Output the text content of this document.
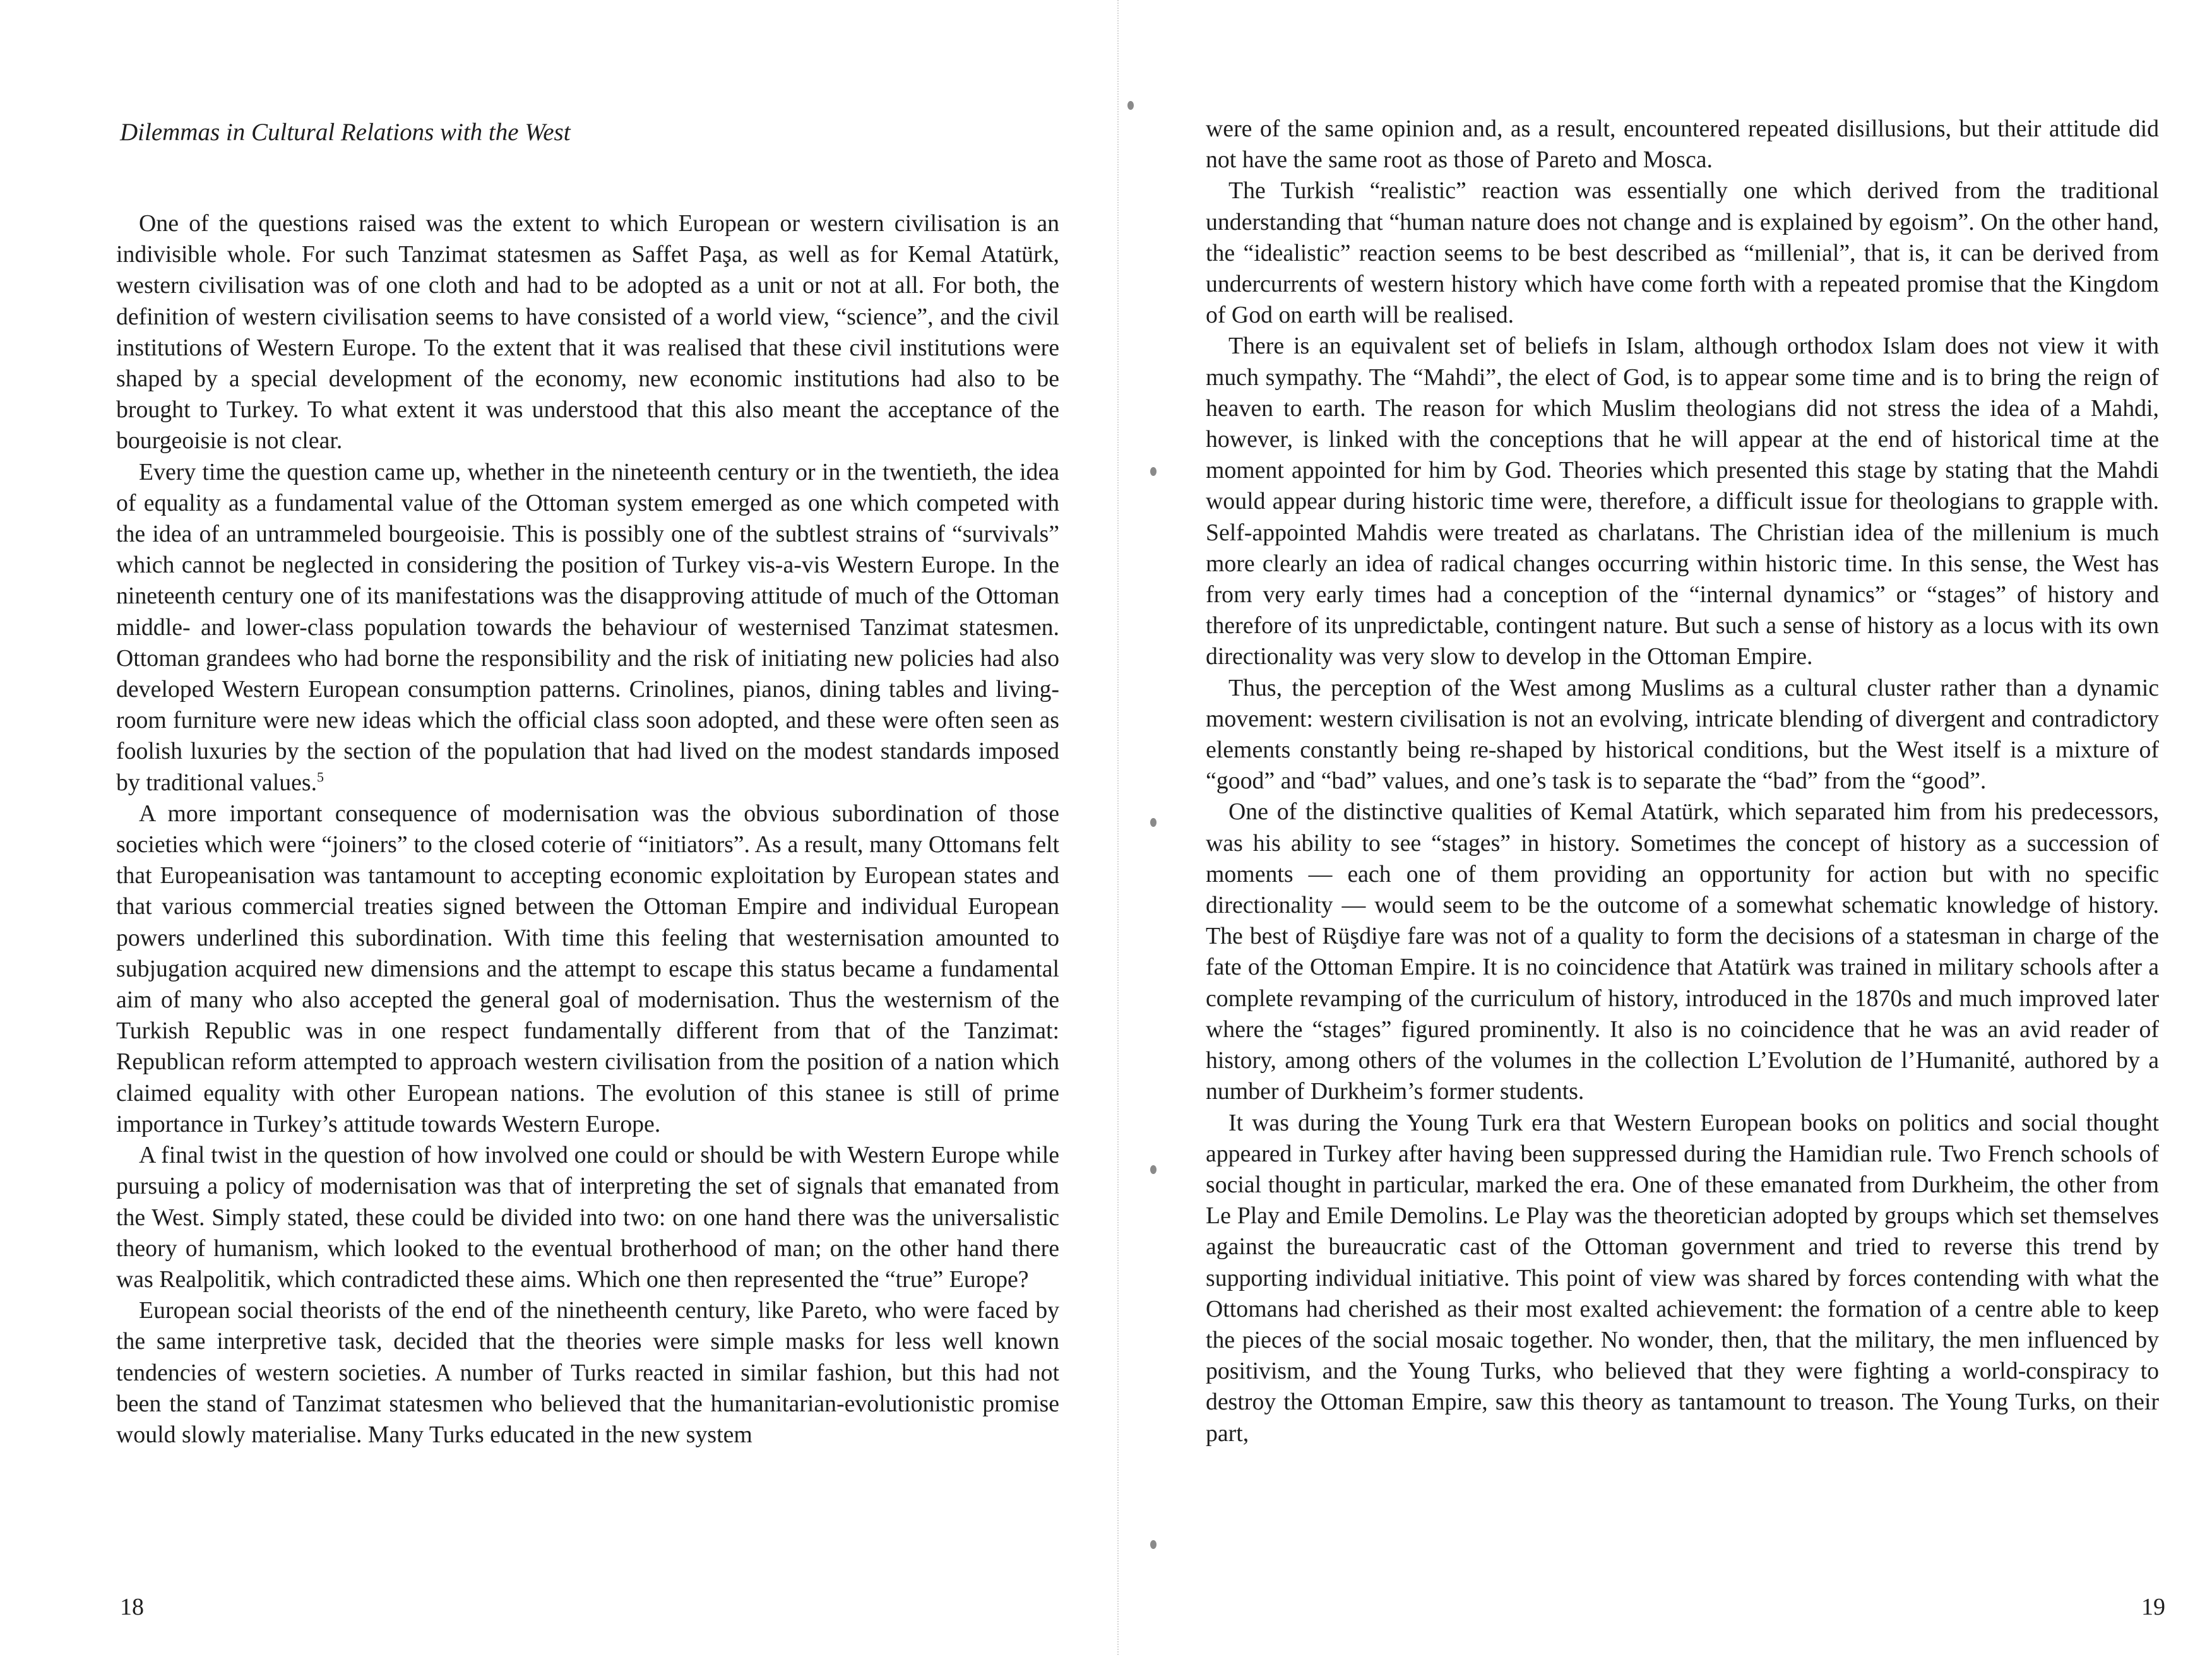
Dilemmas in Cultural Relations with the West

One of the questions raised was the extent to which European or western civilisation is an indivisible whole. For such Tanzimat statesmen as Saffet Paşa, as well as for Kemal Atatürk, western civilisation was of one cloth and had to be adopted as a unit or not at all. For both, the definition of western civilisation seems to have consisted of a world view, “science”, and the civil institutions of Western Europe. To the extent that it was realised that these civil institutions were shaped by a special development of the economy, new economic institutions had also to be brought to Turkey. To what extent it was understood that this also meant the acceptance of the bourgeoisie is not clear.

Every time the question came up, whether in the nineteenth century or in the twentieth, the idea of equality as a fundamental value of the Ottoman system emerged as one which competed with the idea of an untrammeled bourgeoisie. This is possibly one of the subtlest strains of “survivals” which cannot be neglected in considering the position of Turkey vis-a-vis Western Europe. In the nineteenth century one of its manifestations was the disapproving attitude of much of the Ottoman middle- and lower-class population towards the behaviour of westernised Tanzimat statesmen. Ottoman grandees who had borne the responsibility and the risk of initiating new policies had also developed Western European consumption patterns. Crinolines, pianos, dining tables and living-room furniture were new ideas which the official class soon adopted, and these were often seen as foolish luxuries by the section of the population that had lived on the modest standards imposed by traditional values.$^5$

A more important consequence of modernisation was the obvious subordination of those societies which were “joiners” to the closed coterie of “initiators”. As a result, many Ottomans felt that Europeanisation was tantamount to accepting economic exploitation by European states and that various commercial treaties signed between the Ottoman Empire and individual European powers underlined this subordination. With time this feeling that westernisation amounted to subjugation acquired new dimensions and the attempt to escape this status became a fundamental aim of many who also accepted the general goal of modernisation. Thus the westernism of the Turkish Republic was in one respect fundamentally different from that of the Tanzimat: Republican reform attempted to approach western civilisation from the position of a nation which claimed equality with other European nations. The evolution of this stanee is still of prime importance in Turkey’s attitude towards Western Europe.

A final twist in the question of how involved one could or should be with Western Europe while pursuing a policy of modernisation was that of interpreting the set of signals that emanated from the West. Simply stated, these could be divided into two: on one hand there was the universalistic theory of humanism, which looked to the eventual brotherhood of man; on the other hand there was Realpolitik, which contradicted these aims. Which one then represented the “true” Europe?

European social theorists of the end of the ninetheenth century, like Pareto, who were faced by the same interpretive task, decided that the theories were simple masks for less well known tendencies of western societies. A number of Turks reacted in similar fashion, but this had not been the stand of Tanzimat statesmen who believed that the humanitarian-evolutionistic promise would slowly materialise. Many Turks educated in the new system

18

were of the same opinion and, as a result, encountered repeated disillusions, but their attitude did not have the same root as those of Pareto and Mosca.

The Turkish “realistic” reaction was essentially one which derived from the traditional understanding that “human nature does not change and is explained by egoism”. On the other hand, the “idealistic” reaction seems to be best described as “millenial”, that is, it can be derived from undercurrents of western history which have come forth with a repeated promise that the Kingdom of God on earth will be realised.

There is an equivalent set of beliefs in Islam, although orthodox Islam does not view it with much sympathy. The “Mahdi”, the elect of God, is to appear some time and is to bring the reign of heaven to earth. The reason for which Muslim theologians did not stress the idea of a Mahdi, however, is linked with the conceptions that he will appear at the end of historical time at the moment appointed for him by God. Theories which presented this stage by stating that the Mahdi would appear during historic time were, therefore, a difficult issue for theologians to grapple with. Self-appointed Mahdis were treated as charlatans. The Christian idea of the millenium is much more clearly an idea of radical changes occurring within historic time. In this sense, the West has from very early times had a conception of the “internal dynamics” or “stages” of history and therefore of its unpredictable, contingent nature. But such a sense of history as a locus with its own directionality was very slow to develop in the Ottoman Empire.

Thus, the perception of the West among Muslims as a cultural cluster rather than a dynamic movement: western civilisation is not an evolving, intricate blending of divergent and contradictory elements constantly being re-shaped by historical conditions, but the West itself is a mixture of “good” and “bad” values, and one’s task is to separate the “bad” from the “good”.

One of the distinctive qualities of Kemal Atatürk, which separated him from his predecessors, was his ability to see “stages” in history. Sometimes the concept of history as a succession of moments — each one of them providing an opportunity for action but with no specific directionality — would seem to be the outcome of a somewhat schematic knowledge of history. The best of Rüşdiye fare was not of a quality to form the decisions of a statesman in charge of the fate of the Ottoman Empire. It is no coincidence that Atatürk was trained in military schools after a complete revamping of the curriculum of history, introduced in the 1870s and much improved later where the “stages” figured prominently. It also is no coincidence that he was an avid reader of history, among others of the volumes in the collection L’Evolution de l’Humanité, authored by a number of Durkheim’s former students.

It was during the Young Turk era that Western European books on politics and social thought appeared in Turkey after having been suppressed during the Hamidian rule. Two French schools of social thought in particular, marked the era. One of these emanated from Durkheim, the other from Le Play and Emile Demolins. Le Play was the theoretician adopted by groups which set themselves against the bureaucratic cast of the Ottoman government and tried to reverse this trend by supporting individual initiative. This point of view was shared by forces contending with what the Ottomans had cherished as their most exalted achievement: the formation of a centre able to keep the pieces of the social mosaic together. No wonder, then, that the military, the men influenced by positivism, and the Young Turks, who believed that they were fighting a world-conspiracy to destroy the Ottoman Empire, saw this theory as tantamount to treason. The Young Turks, on their part,

19
